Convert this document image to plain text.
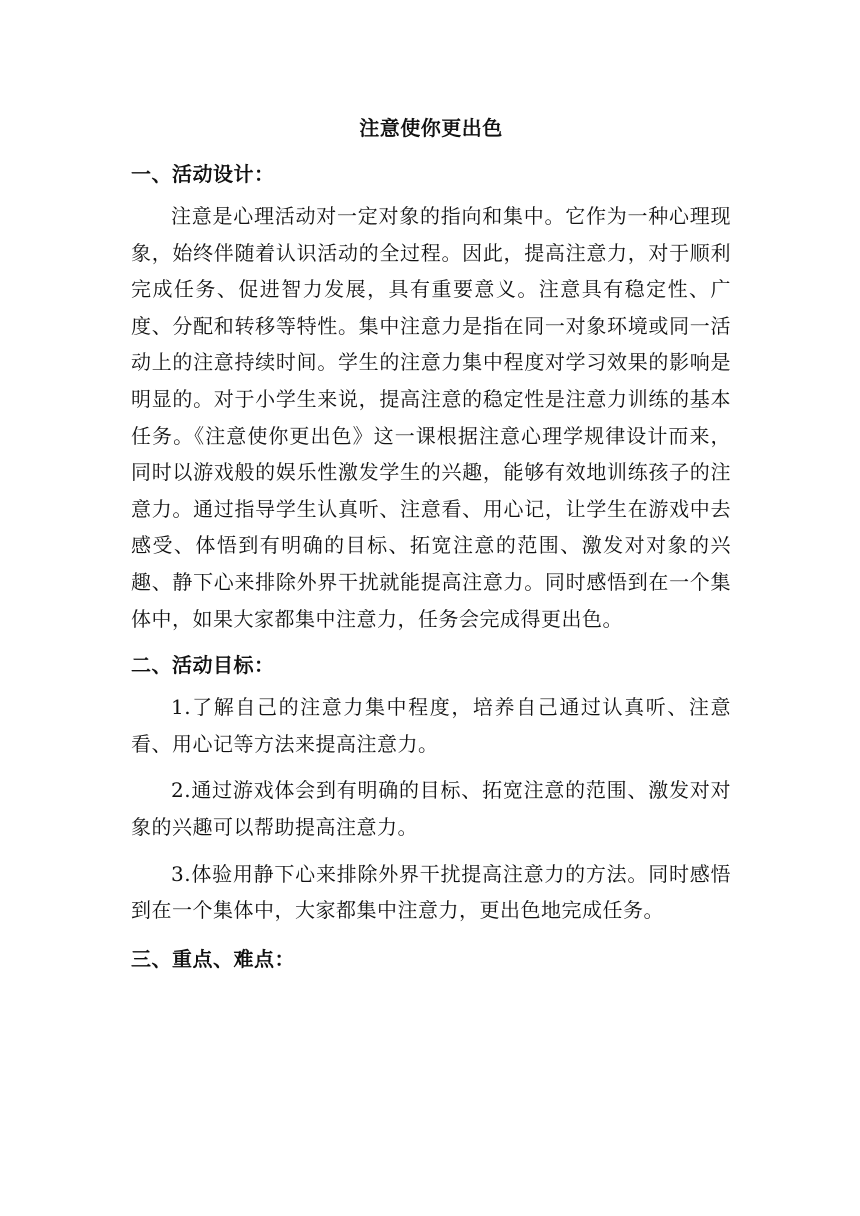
注意使你更出色
一、活动设计：

注意是心理活动对一定对象的指向和集中。它作为一种心理现象，始终伴随着认识活动的全过程。因此，提高注意力，对于顺利完成任务、促进智力发展，具有重要意义。注意具有稳定性、广度、分配和转移等特性。集中注意力是指在同一对象环境或同一活动上的注意持续时间。学生的注意力集中程度对学习效果的影响是明显的。对于小学生来说，提高注意的稳定性是注意力训练的基本任务。《注意使你更出色》这一课根据注意心理学规律设计而来，同时以游戏般的娱乐性激发学生的兴趣，能够有效地训练孩子的注意力。通过指导学生认真听、注意看、用心记，让学生在游戏中去感受、体悟到有明确的目标、拓宽注意的范围、激发对对象的兴趣、静下心来排除外界干扰就能提高注意力。同时感悟到在一个集体中，如果大家都集中注意力，任务会完成得更出色。

二、活动目标：

1.了解自己的注意力集中程度，培养自己通过认真听、注意看、用心记等方法来提高注意力。

2.通过游戏体会到有明确的目标、拓宽注意的范围、激发对对象的兴趣可以帮助提高注意力。

3.体验用静下心来排除外界干扰提高注意力的方法。同时感悟到在一个集体中，大家都集中注意力，更出色地完成任务。

三、重点、难点：
